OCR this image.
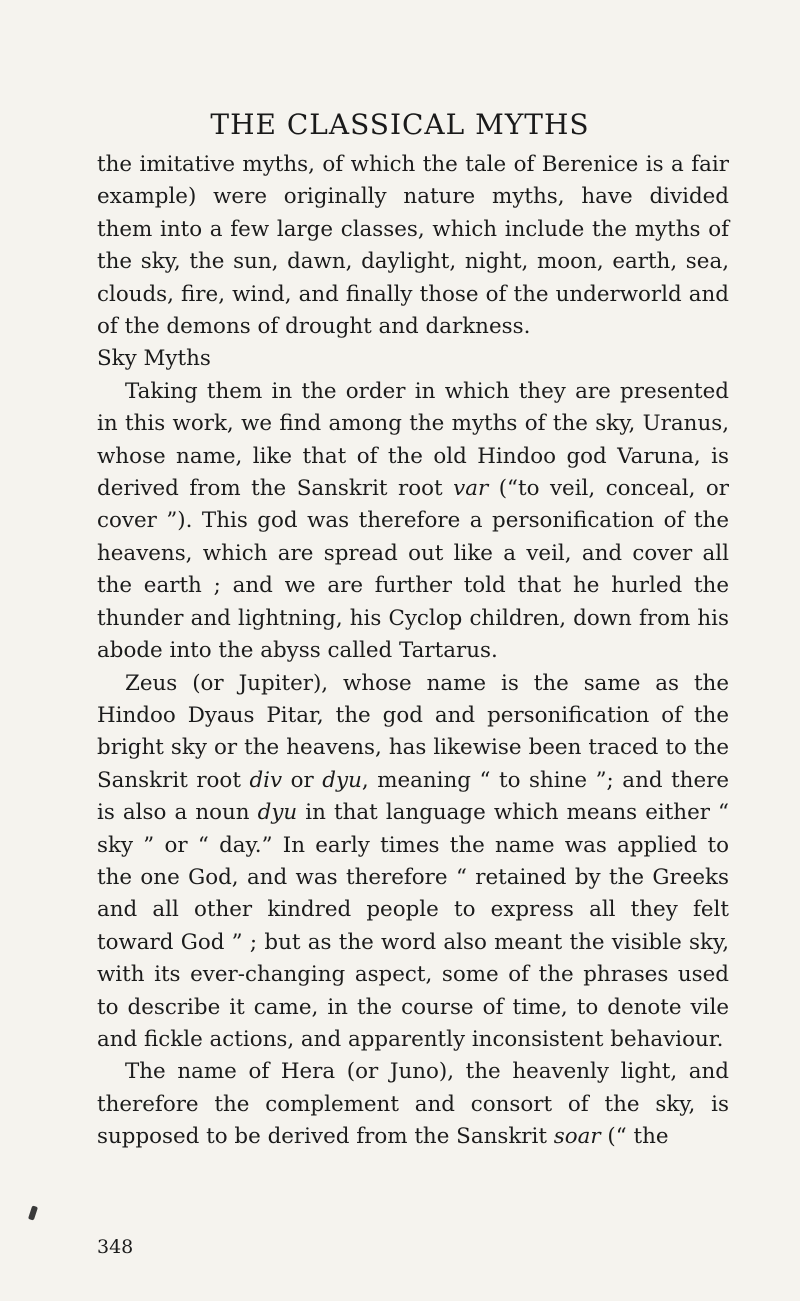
THE CLASSICAL MYTHS

the imitative myths, of which the tale of Berenice is a fair example) were originally nature myths, have divided them into a few large classes, which include the myths of the sky, the sun, dawn, daylight, night, moon, earth, sea, clouds, fire, wind, and finally those of the underworld and of the demons of drought and darkness.

Sky Myths

Taking them in the order in which they are presented in this work, we find among the myths of the sky, Uranus, whose name, like that of the old Hindoo god Varuna, is derived from the Sanskrit root var (“to veil, conceal, or cover ”). This god was therefore a personification of the heavens, which are spread out like a veil, and cover all the earth ; and we are further told that he hurled the thunder and lightning, his Cyclop children, down from his abode into the abyss called Tartarus.

Zeus (or Jupiter), whose name is the same as the Hindoo Dyaus Pitar, the god and personification of the bright sky or the heavens, has likewise been traced to the Sanskrit root div or dyu, meaning “ to shine ”; and there is also a noun dyu in that language which means either “ sky ” or “ day.” In early times the name was applied to the one God, and was therefore “ retained by the Greeks and all other kindred people to express all they felt toward God ” ; but as the word also meant the visible sky, with its ever-changing aspect, some of the phrases used to describe it came, in the course of time, to denote vile and fickle actions, and apparently inconsistent behaviour.

The name of Hera (or Juno), the heavenly light, and therefore the complement and consort of the sky, is supposed to be derived from the Sanskrit soar (“ the

348
